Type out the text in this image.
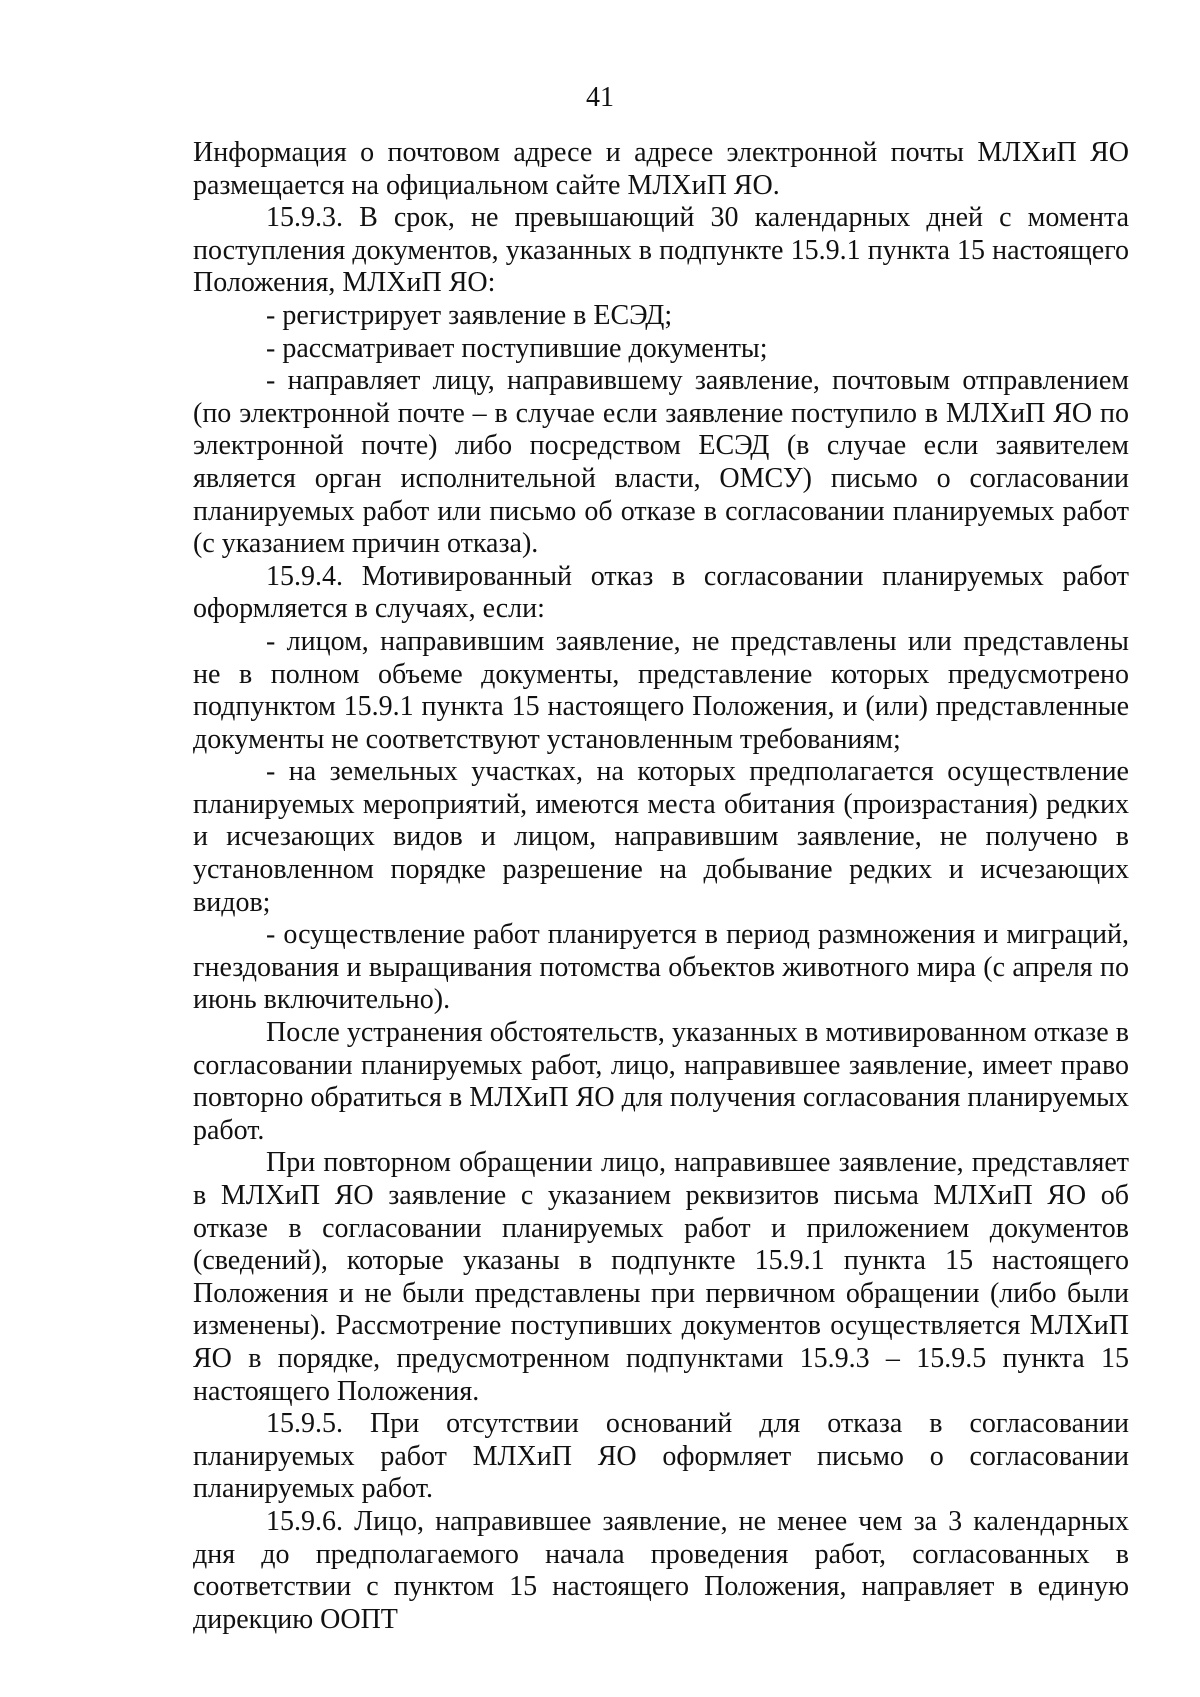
41

Информация о почтовом адресе и адресе электронной почты МЛХиП ЯО размещается на официальном сайте МЛХиП ЯО.

15.9.3. В срок, не превышающий 30 календарных дней с момента поступления документов, указанных в подпункте 15.9.1 пункта 15 настоящего Положения, МЛХиП ЯО:

- регистрирует заявление в ЕСЭД;

- рассматривает поступившие документы;

- направляет лицу, направившему заявление, почтовым отправлением (по электронной почте – в случае если заявление поступило в МЛХиП ЯО по электронной почте) либо посредством ЕСЭД (в случае если заявителем является орган исполнительной власти, ОМСУ) письмо о согласовании планируемых работ или письмо об отказе в согласовании планируемых работ (с указанием причин отказа).

15.9.4. Мотивированный отказ в согласовании планируемых работ оформляется в случаях, если:

- лицом, направившим заявление, не представлены или представлены не в полном объеме документы, представление которых предусмотрено подпунктом 15.9.1 пункта 15 настоящего Положения, и (или) представленные документы не соответствуют установленным требованиям;

- на земельных участках, на которых предполагается осуществление планируемых мероприятий, имеются места обитания (произрастания) редких и исчезающих видов и лицом, направившим заявление, не получено в установленном порядке разрешение на добывание редких и исчезающих видов;

- осуществление работ планируется в период размножения и миграций, гнездования и выращивания потомства объектов животного мира (с апреля по июнь включительно).

После устранения обстоятельств, указанных в мотивированном отказе в согласовании планируемых работ, лицо, направившее заявление, имеет право повторно обратиться в МЛХиП ЯО для получения согласования планируемых работ.

При повторном обращении лицо, направившее заявление, представляет в МЛХиП ЯО заявление с указанием реквизитов письма МЛХиП ЯО об отказе в согласовании планируемых работ и приложением документов (сведений), которые указаны в подпункте 15.9.1 пункта 15 настоящего Положения и не были представлены при первичном обращении (либо были изменены). Рассмотрение поступивших документов осуществляется МЛХиП ЯО в порядке, предусмотренном подпунктами 15.9.3 – 15.9.5 пункта 15 настоящего Положения.

15.9.5. При отсутствии оснований для отказа в согласовании планируемых работ МЛХиП ЯО оформляет письмо о согласовании планируемых работ.

15.9.6. Лицо, направившее заявление, не менее чем за 3 календарных дня до предполагаемого начала проведения работ, согласованных в соответствии с пунктом 15 настоящего Положения, направляет в единую дирекцию ООПТ
